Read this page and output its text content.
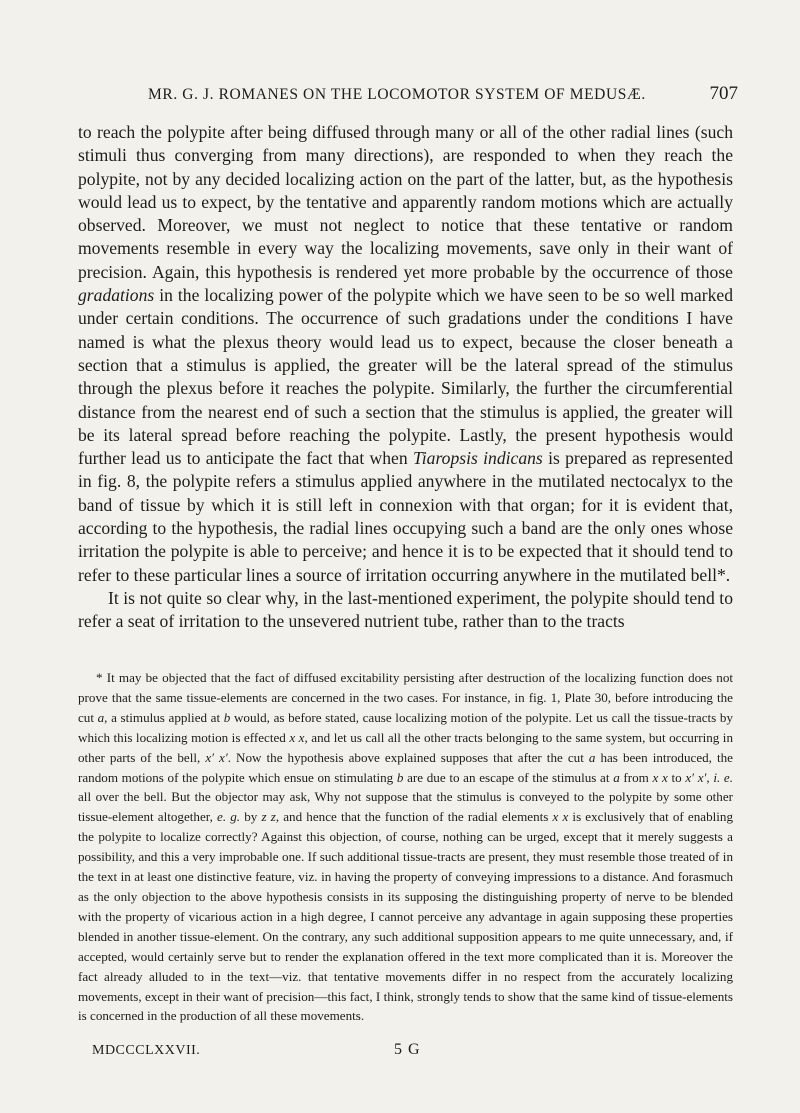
MR. G. J. ROMANES ON THE LOCOMOTOR SYSTEM OF MEDUSÆ.	707

to reach the polypite after being diffused through many or all of the other radial lines (such stimuli thus converging from many directions), are responded to when they reach the polypite, not by any decided localizing action on the part of the latter, but, as the hypothesis would lead us to expect, by the tentative and apparently random motions which are actually observed. Moreover, we must not neglect to notice that these tentative or random movements resemble in every way the localizing movements, save only in their want of precision. Again, this hypothesis is rendered yet more probable by the occurrence of those gradations in the localizing power of the polypite which we have seen to be so well marked under certain conditions. The occurrence of such gradations under the conditions I have named is what the plexus theory would lead us to expect, because the closer beneath a section that a stimulus is applied, the greater will be the lateral spread of the stimulus through the plexus before it reaches the polypite. Similarly, the further the circumferential distance from the nearest end of such a section that the stimulus is applied, the greater will be its lateral spread before reaching the polypite. Lastly, the present hypothesis would further lead us to anticipate the fact that when Tiaropsis indicans is prepared as represented in fig. 8, the polypite refers a stimulus applied anywhere in the mutilated nectocalyx to the band of tissue by which it is still left in connexion with that organ; for it is evident that, according to the hypothesis, the radial lines occupying such a band are the only ones whose irritation the polypite is able to perceive; and hence it is to be expected that it should tend to refer to these particular lines a source of irritation occurring anywhere in the mutilated bell*.

It is not quite so clear why, in the last-mentioned experiment, the polypite should tend to refer a seat of irritation to the unsevered nutrient tube, rather than to the tracts

* It may be objected that the fact of diffused excitability persisting after destruction of the localizing function does not prove that the same tissue-elements are concerned in the two cases. For instance, in fig. 1, Plate 30, before introducing the cut a, a stimulus applied at b would, as before stated, cause localizing motion of the polypite. Let us call the tissue-tracts by which this localizing motion is effected x x, and let us call all the other tracts belonging to the same system, but occurring in other parts of the bell, x′ x′. Now the hypothesis above explained supposes that after the cut a has been introduced, the random motions of the polypite which ensue on stimulating b are due to an escape of the stimulus at a from x x to x′ x′, i. e. all over the bell. But the objector may ask, Why not suppose that the stimulus is conveyed to the polypite by some other tissue-element altogether, e. g. by z z, and hence that the function of the radial elements x x is exclusively that of enabling the polypite to localize correctly? Against this objection, of course, nothing can be urged, except that it merely suggests a possibility, and this a very improbable one. If such additional tissue-tracts are present, they must resemble those treated of in the text in at least one distinctive feature, viz. in having the property of conveying impressions to a distance. And forasmuch as the only objection to the above hypothesis consists in its supposing the distinguishing property of nerve to be blended with the property of vicarious action in a high degree, I cannot perceive any advantage in again supposing these properties blended in another tissue-element. On the contrary, any such additional supposition appears to me quite unnecessary, and, if accepted, would certainly serve but to render the explanation offered in the text more complicated than it is. Moreover the fact already alluded to in the text—viz. that tentative movements differ in no respect from the accurately localizing movements, except in their want of precision—this fact, I think, strongly tends to show that the same kind of tissue-elements is concerned in the production of all these movements.

MDCCCLXXVII.	5 G
